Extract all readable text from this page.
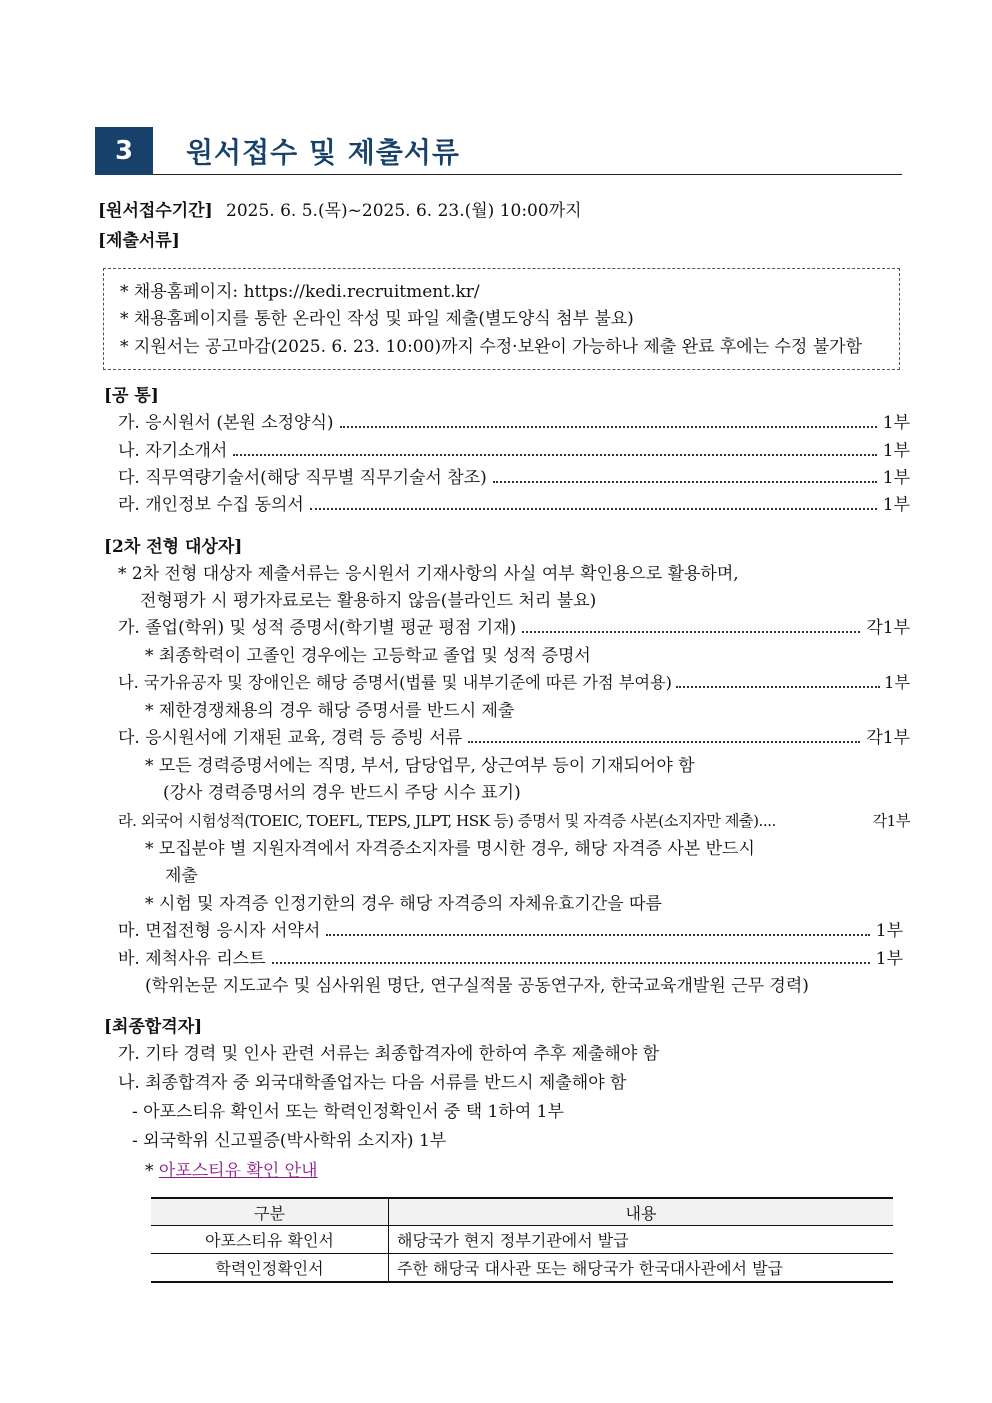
3	원서접수 및 제출서류
[원서접수기간] 2025. 6. 5.(목)~2025. 6. 23.(월) 10:00까지
[제출서류]
* 채용홈페이지: https://kedi.recruitment.kr/
* 채용홈페이지를 통한 온라인 작성 및 파일 제출(별도양식 첨부 불요)
* 지원서는 공고마감(2025. 6. 23. 10:00)까지 수정·보완이 가능하나 제출 완료 후에는 수정 불가함
[공 통]
가. 응시원서 (본원 소정양식)	1부
나. 자기소개서	1부
다. 직무역량기술서(해당 직무별 직무기술서 참조)	1부
라. 개인정보 수집 동의서	1부
[2차 전형 대상자]
* 2차 전형 대상자 제출서류는 응시원서 기재사항의 사실 여부 확인용으로 활용하며,
전형평가 시 평가자료로는 활용하지 않음(블라인드 처리 불요)
가. 졸업(학위) 및 성적 증명서(학기별 평균 평점 기재)	각1부
* 최종학력이 고졸인 경우에는 고등학교 졸업 및 성적 증명서
나. 국가유공자 및 장애인은 해당 증명서(법률 및 내부기준에 따른 가점 부여용)	1부
* 제한경쟁채용의 경우 해당 증명서를 반드시 제출
다. 응시원서에 기재된 교육, 경력 등 증빙 서류	각1부
* 모든 경력증명서에는 직명, 부서, 담당업무, 상근여부 등이 기재되어야 함
(강사 경력증명서의 경우 반드시 주당 시수 표기)
라. 외국어 시험성적(TOEIC, TOEFL, TEPS, JLPT, HSK 등) 증명서 및 자격증 사본(소지자만 제출)....	각1부
* 모집분야 별 지원자격에서 자격증소지자를 명시한 경우, 해당 자격증 사본 반드시
제출
* 시험 및 자격증 인정기한의 경우 해당 자격증의 자체유효기간을 따름
마. 면접전형 응시자 서약서	1부
바. 제척사유 리스트	1부
(학위논문 지도교수 및 심사위원 명단, 연구실적물 공동연구자, 한국교육개발원 근무 경력)
[최종합격자]
가. 기타 경력 및 인사 관련 서류는 최종합격자에 한하여 추후 제출해야 함
나. 최종합격자 중 외국대학졸업자는 다음 서류를 반드시 제출해야 함
- 아포스티유 확인서 또는 학력인정확인서 중 택 1하여 1부
- 외국학위 신고필증(박사학위 소지자) 1부
* 아포스티유 확인 안내
구분	내용
아포스티유 확인서	해당국가 현지 정부기관에서 발급
학력인정확인서	주한 해당국 대사관 또는 해당국가 한국대사관에서 발급
